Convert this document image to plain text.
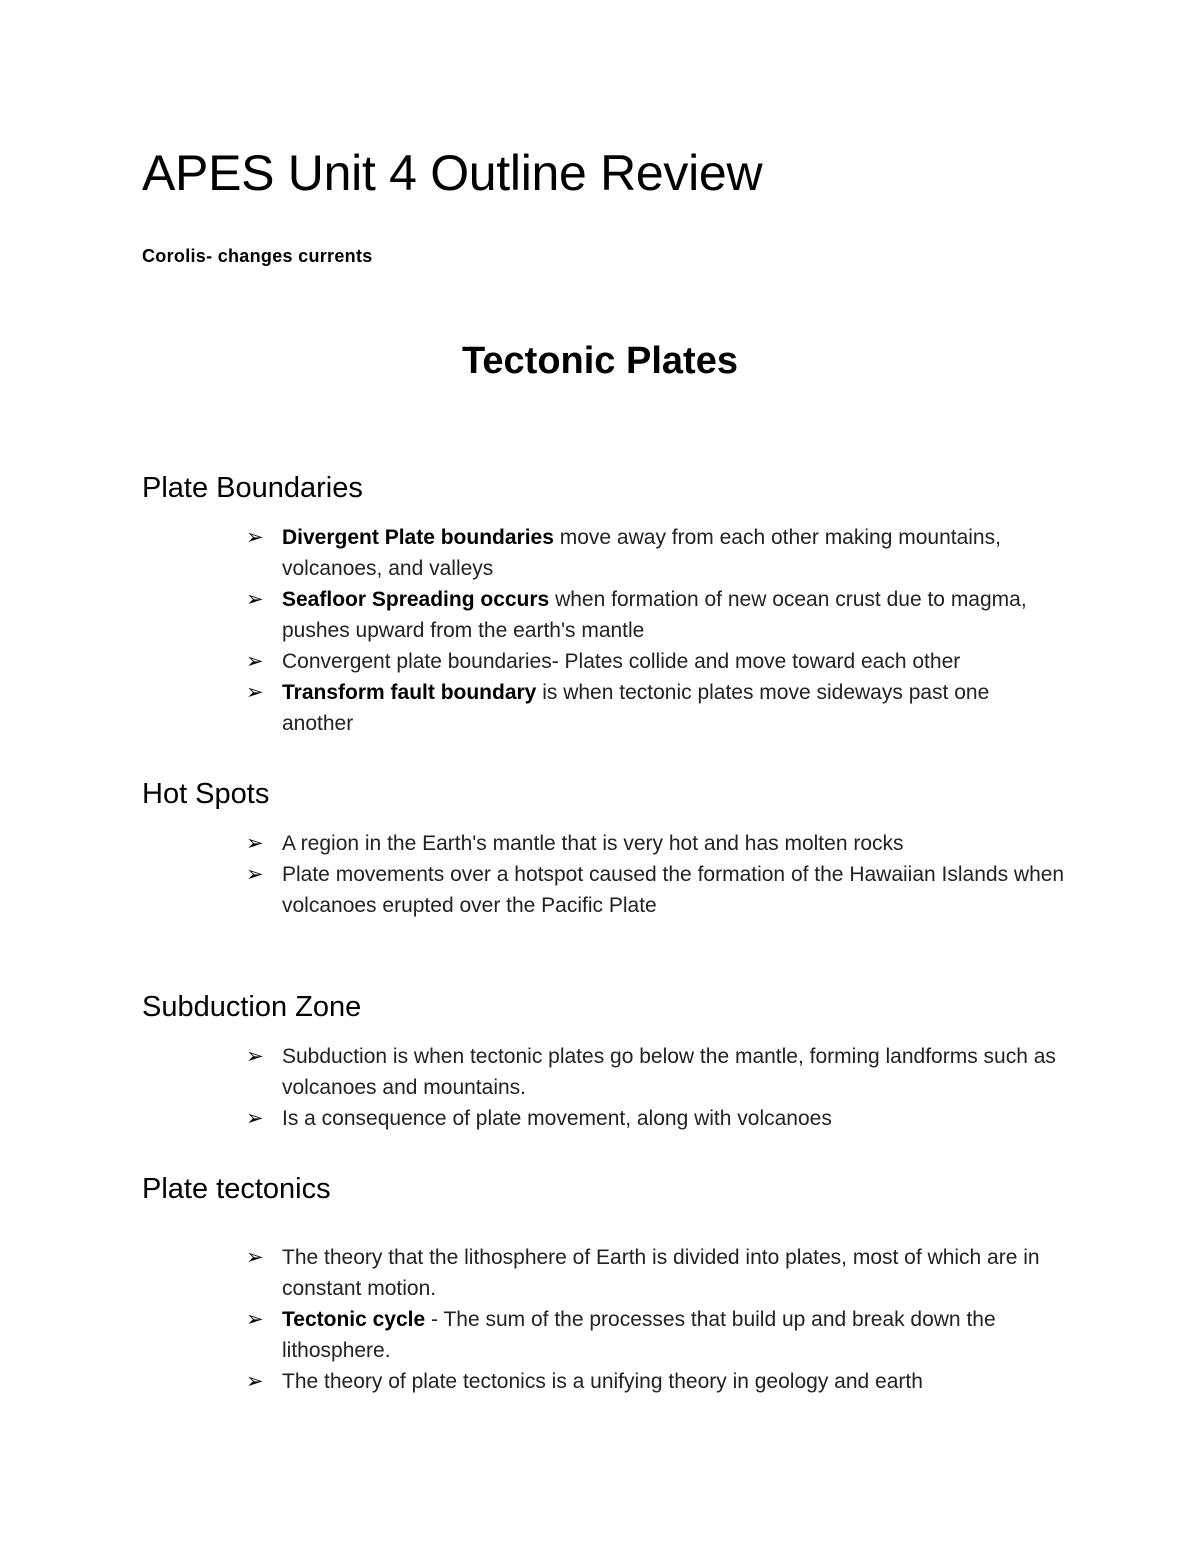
APES Unit 4 Outline Review

Corolis- changes currents

Tectonic Plates
Plate Boundaries
➢ Divergent Plate boundaries move away from each other making mountains, volcanoes, and valleys
➢ Seafloor Spreading occurs when formation of new ocean crust due to magma, pushes upward from the earth's mantle
➢ Convergent plate boundaries- Plates collide and move toward each other
➢ Transform fault boundary is when tectonic plates move sideways past one another
Hot Spots
➢ A region in the Earth's mantle that is very hot and has molten rocks
➢ Plate movements over a hotspot caused the formation of the Hawaiian Islands when volcanoes erupted over the Pacific Plate
Subduction Zone
➢ Subduction is when tectonic plates go below the mantle, forming landforms such as volcanoes and mountains.
➢ Is a consequence of plate movement, along with volcanoes
Plate tectonics
➢ The theory that the lithosphere of Earth is divided into plates, most of which are in constant motion.
➢ Tectonic cycle - The sum of the processes that build up and break down the lithosphere.
➢ The theory of plate tectonics is a unifying theory in geology and earth
